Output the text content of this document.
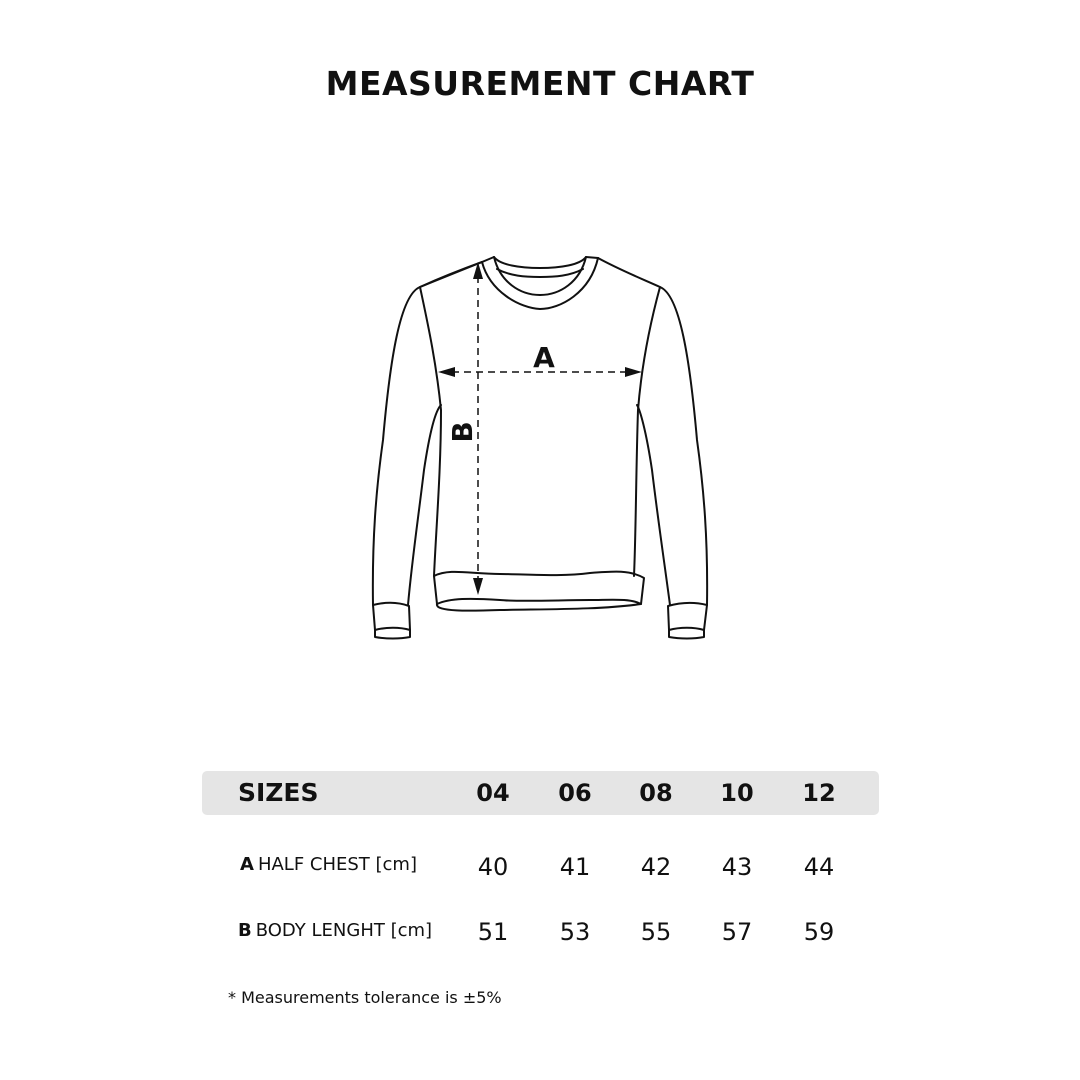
MEASUREMENT CHART
A
B
SIZES	04	06	08	10	12
A HALF CHEST [cm]	40	41	42	43	44
B BODY LENGHT [cm]	51	53	55	57	59
* Measurements tolerance is ±5%
